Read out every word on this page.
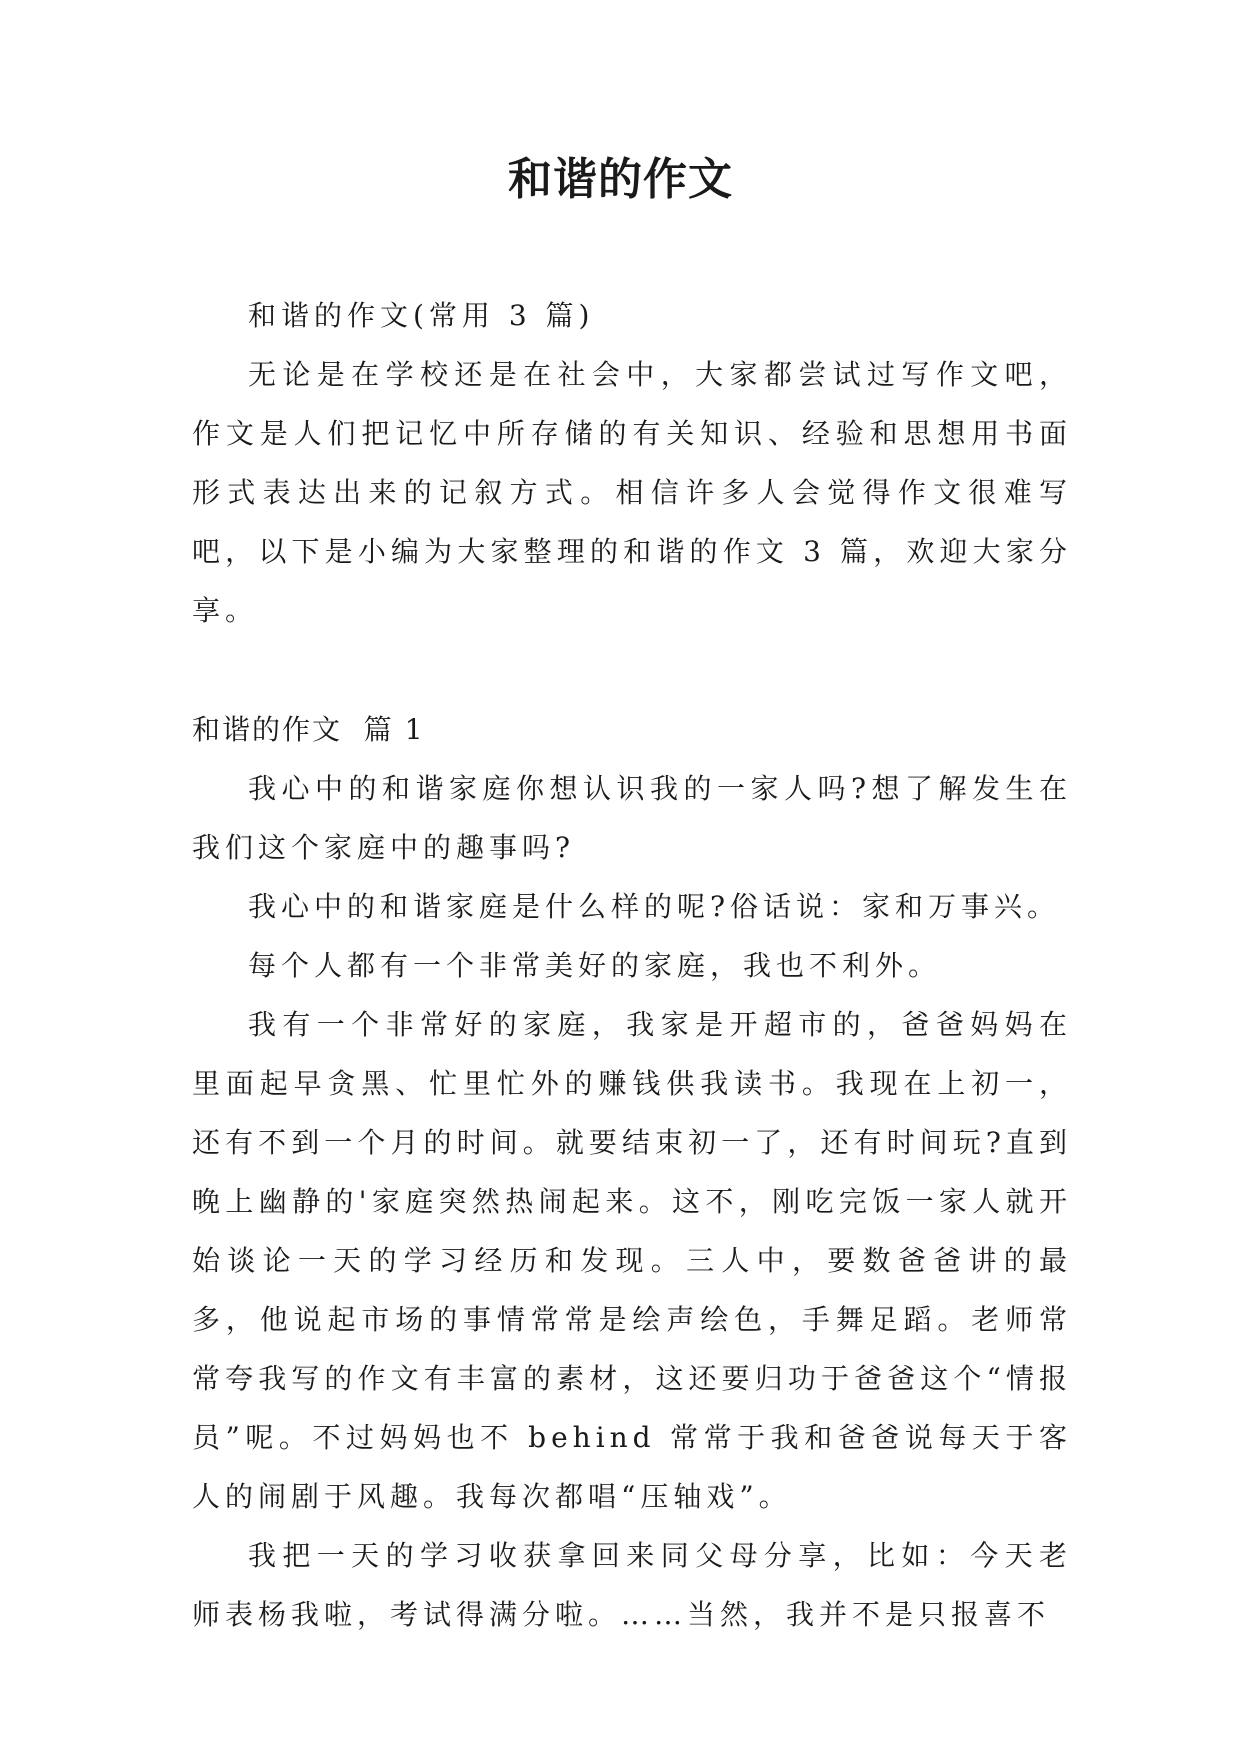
和谐的作文

和谐的作文(常用 3 篇)

无论是在学校还是在社会中，大家都尝试过写作文吧，作文是人们把记忆中所存储的有关知识、经验和思想用书面形式表达出来的记叙方式。相信许多人会觉得作文很难写吧，以下是小编为大家整理的和谐的作文 3 篇，欢迎大家分享。

和谐的作文  篇 1

我心中的和谐家庭你想认识我的一家人吗?想了解发生在我们这个家庭中的趣事吗?

我心中的和谐家庭是什么样的呢?俗话说：家和万事兴。

每个人都有一个非常美好的家庭，我也不利外。

我有一个非常好的家庭，我家是开超市的，爸爸妈妈在里面起早贪黑、忙里忙外的赚钱供我读书。我现在上初一，还有不到一个月的时间。就要结束初一了，还有时间玩?直到晚上幽静的'家庭突然热闹起来。这不，刚吃完饭一家人就开始谈论一天的学习经历和发现。三人中，要数爸爸讲的最多，他说起市场的事情常常是绘声绘色，手舞足蹈。老师常常夸我写的作文有丰富的素材，这还要归功于爸爸这个“情报员”呢。不过妈妈也不 behind 常常于我和爸爸说每天于客人的闹剧于风趣。我每次都唱“压轴戏”。

我把一天的学习收获拿回来同父母分享，比如：今天老师表杨我啦，考试得满分啦。……当然，我并不是只报喜不
